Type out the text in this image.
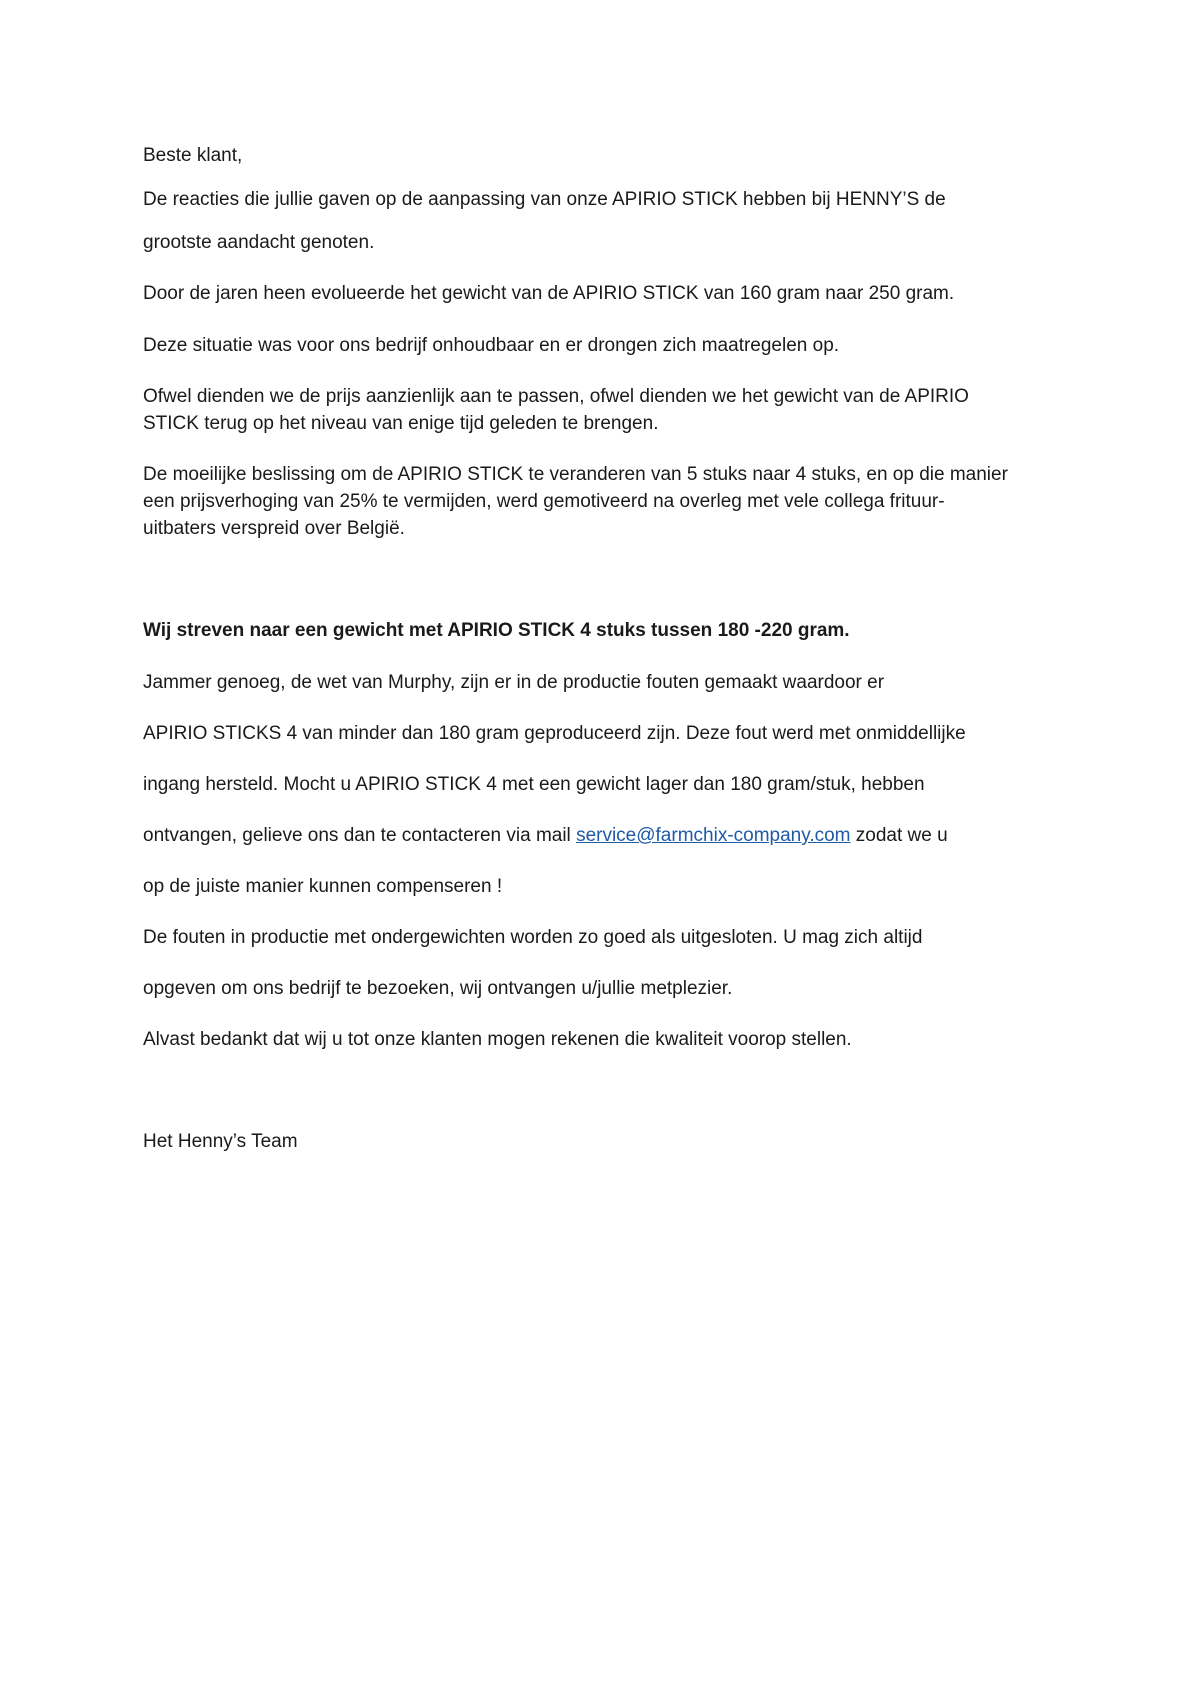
Beste klant,
De reacties die jullie gaven op de aanpassing van onze APIRIO STICK hebben bij HENNY’S de
grootste aandacht genoten.
Door de jaren heen evolueerde het gewicht van de APIRIO STICK van 160 gram naar 250 gram.
Deze situatie was voor ons bedrijf onhoudbaar en er drongen zich maatregelen op.
Ofwel dienden we de prijs aanzienlijk aan te passen, ofwel dienden we het gewicht van de APIRIO
STICK terug op het niveau van enige tijd geleden te brengen.
De moeilijke beslissing om de APIRIO STICK te veranderen van 5 stuks naar 4 stuks, en op die manier
een prijsverhoging van 25% te vermijden, werd gemotiveerd na overleg met vele collega frituur-
uitbaters verspreid over België.
Wij streven naar een gewicht met APIRIO STICK 4 stuks tussen 180 -220 gram.
Jammer genoeg, de wet van Murphy, zijn er in de productie fouten gemaakt waardoor er
APIRIO STICKS 4 van minder dan 180 gram geproduceerd zijn. Deze fout werd met onmiddellijke
ingang hersteld. Mocht u APIRIO STICK 4 met een gewicht lager dan 180 gram/stuk, hebben
ontvangen, gelieve ons dan te contacteren via mail service@farmchix-company.com zodat we u
op de juiste manier kunnen compenseren !
De fouten in productie met ondergewichten worden zo goed als uitgesloten. U mag zich altijd
opgeven om ons bedrijf te bezoeken, wij ontvangen u/jullie metplezier.
Alvast bedankt dat wij u tot onze klanten mogen rekenen die kwaliteit voorop stellen.
Het Henny’s Team
